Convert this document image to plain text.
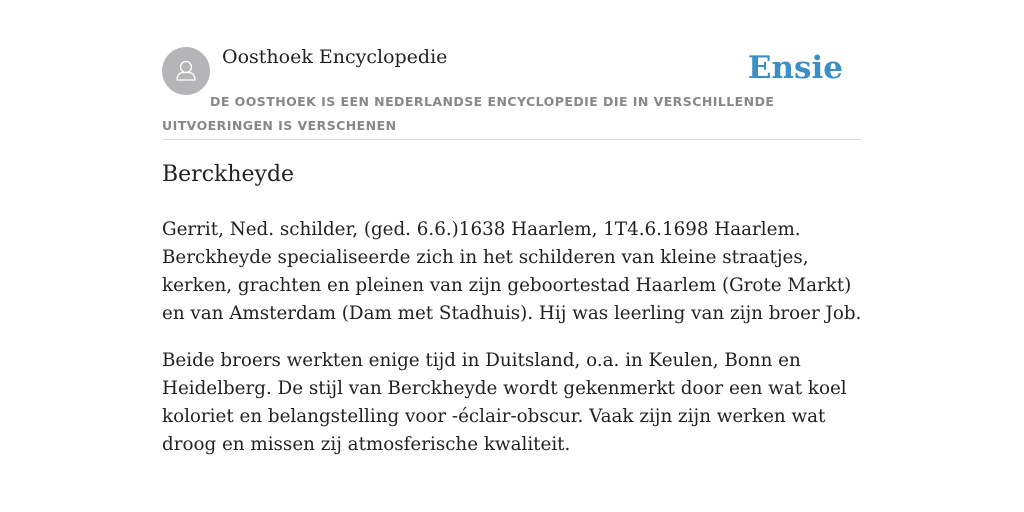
Oosthoek Encyclopedie	Ensie
DE OOSTHOEK IS EEN NEDERLANDSE ENCYCLOPEDIE DIE IN VERSCHILLENDE UITVOERINGEN IS VERSCHENEN
Berckheyde

Gerrit, Ned. schilder, (ged. 6.6.)1638 Haarlem, 1T4.6.1698 Haarlem. Berckheyde specialiseerde zich in het schilderen van kleine straatjes, kerken, grachten en pleinen van zijn geboortestad Haarlem (Grote Markt) en van Amsterdam (Dam met Stadhuis). Hij was leerling van zijn broer Job.

Beide broers werkten enige tijd in Duitsland, o.a. in Keulen, Bonn en Heidelberg. De stijl van Berckheyde wordt gekenmerkt door een wat koel koloriet en belangstelling voor -éclair-obscur. Vaak zijn zijn werken wat droog en missen zij atmosferische kwaliteit.
